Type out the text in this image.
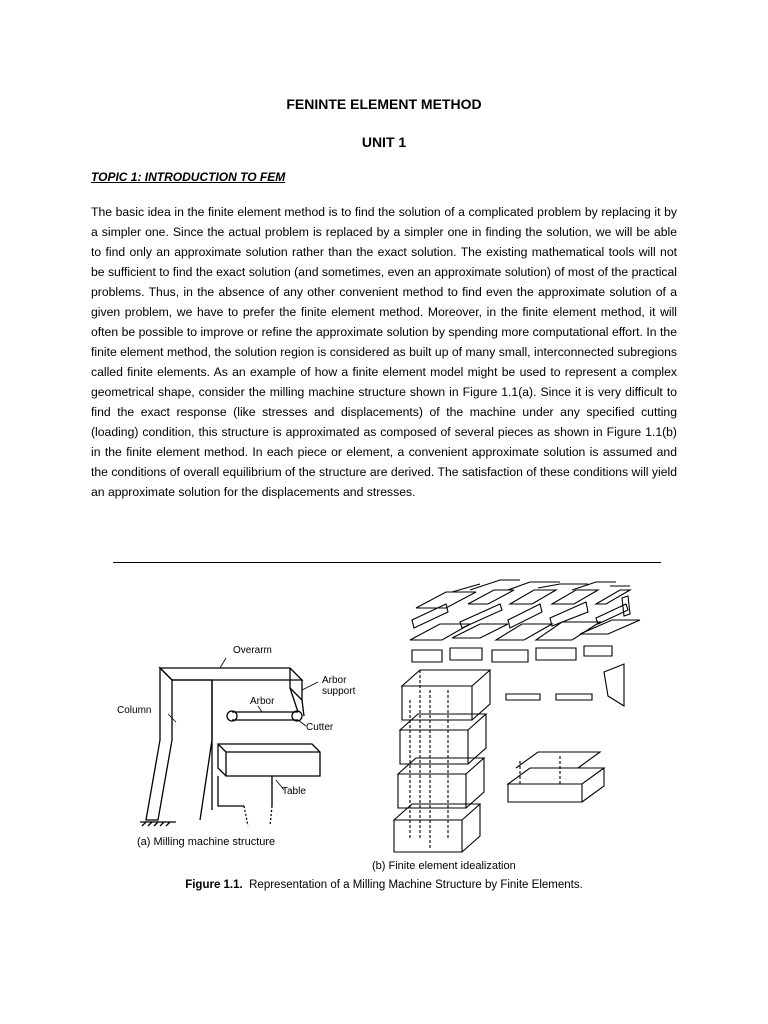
FENINTE ELEMENT METHOD
UNIT 1
TOPIC 1: INTRODUCTION TO FEM
The basic idea in the finite element method is to find the solution of a complicated problem by replacing it by a simpler one. Since the actual problem is replaced by a simpler one in finding the solution, we will be able to find only an approximate solution rather than the exact solution. The existing mathematical tools will not be sufficient to find the exact solution (and sometimes, even an approximate solution) of most of the practical problems. Thus, in the absence of any other convenient method to find even the approximate solution of a given problem, we have to prefer the finite element method. Moreover, in the finite element method, it will often be possible to improve or refine the approximate solution by spending more computational effort. In the finite element method, the solution region is considered as built up of many small, interconnected subregions called finite elements. As an example of how a finite element model might be used to represent a complex geometrical shape, consider the milling machine structure shown in Figure 1.1(a). Since it is very difficult to find the exact response (like stresses and displacements) of the machine under any specified cutting (loading) condition, this structure is approximated as composed of several pieces as shown in Figure 1.1(b) in the finite element method. In each piece or element, a convenient approximate solution is assumed and the conditions of overall equilibrium of the structure are derived. The satisfaction of these conditions will yield an approximate solution for the displacements and stresses.
Overarm
Arbor
support
Arbor
Column
Cutter
Table
(a) Milling machine structure
(b) Finite element idealization
Figure 1.1. Representation of a Milling Machine Structure by Finite Elements.
